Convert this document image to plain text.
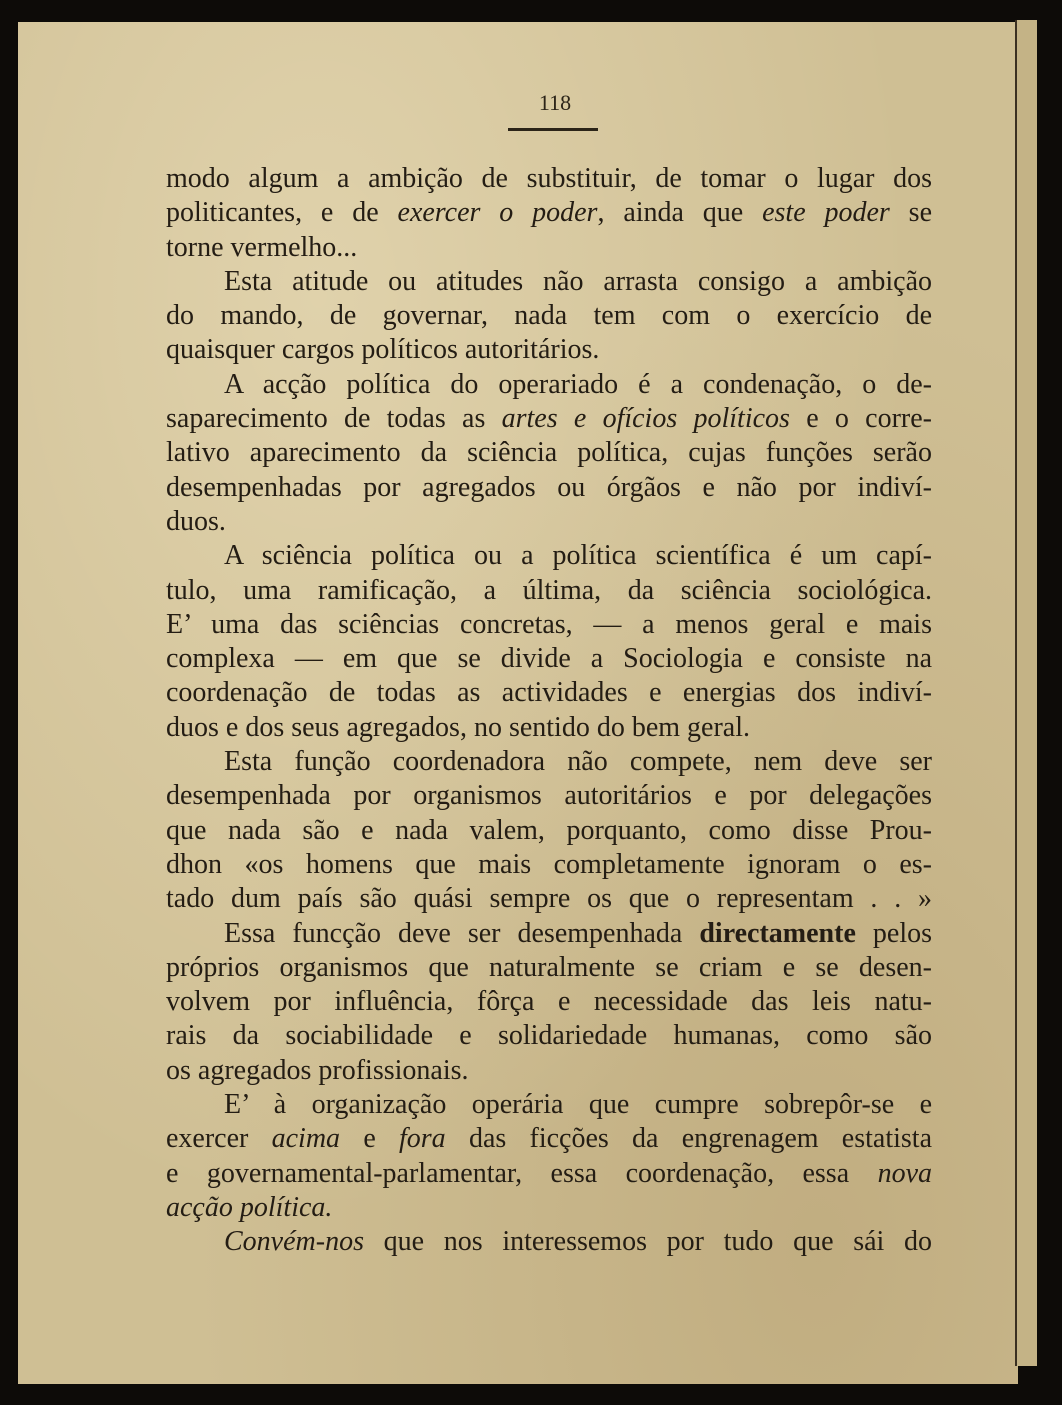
118
modo algum a ambição de substituir, de tomar o lugar dos
politicantes, e de exercer o poder, ainda que este poder se
torne vermelho...
Esta atitude ou atitudes não arrasta consigo a ambição
do mando, de governar, nada tem com o exercício de
quaisquer cargos políticos autoritários.
A acção política do operariado é a condenação, o de-
saparecimento de todas as artes e ofícios políticos e o corre-
lativo aparecimento da sciência política, cujas funções serão
desempenhadas por agregados ou órgãos e não por indiví-
duos.
A sciência política ou a política scientífica é um capí-
tulo, uma ramificação, a última, da sciência sociológica.
E’ uma das sciências concretas, — a menos geral e mais
complexa — em que se divide a Sociologia e consiste na
coordenação de todas as actividades e energias dos indiví-
duos e dos seus agregados, no sentido do bem geral.
Esta função coordenadora não compete, nem deve ser
desempenhada por organismos autoritários e por delegações
que nada são e nada valem, porquanto, como disse Prou-
dhon «os homens que mais completamente ignoram o es-
tado dum país são quási sempre os que o representam . . »
Essa funcção deve ser desempenhada directamente pelos
próprios organismos que naturalmente se criam e se desen-
volvem por influência, fôrça e necessidade das leis natu-
rais da sociabilidade e solidariedade humanas, como são
os agregados profissionais.
E’ à organização operária que cumpre sobrepôr-se e
exercer acima e fora das ficções da engrenagem estatista
e governamental-parlamentar, essa coordenação, essa nova
acção política.
Convém-nos que nos interessemos por tudo que sái do
